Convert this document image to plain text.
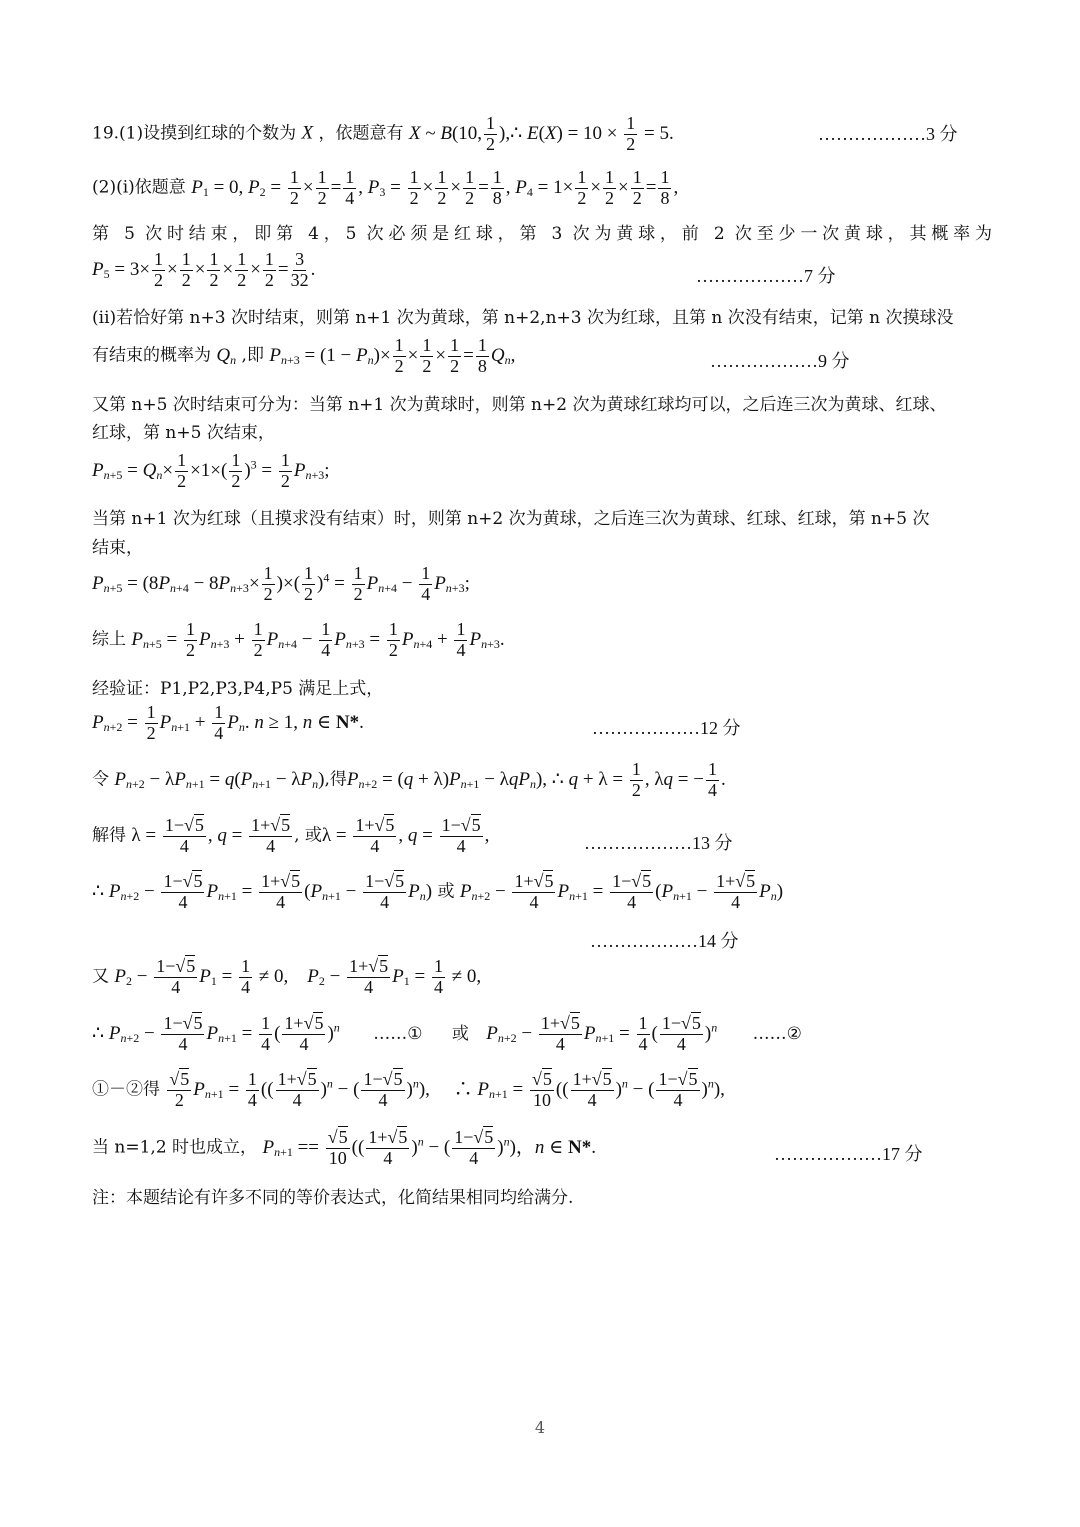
19.(1)设摸到红球的个数为 X ，依题意有 X ~ B(10, $\frac{1}{2}$ ),∴ $E(X) = 10 \times \frac{1}{2} = 5$.	………………3 分
(2)(i)依题意 $P_1 = 0$, $P_2 = \frac{1}{2} \times \frac{1}{2} = \frac{1}{4}$ , $P_3 = \frac{1}{2} \times \frac{1}{2} \times \frac{1}{2} = \frac{1}{8}$ , $P_4 = 1\times \frac{1}{2} \times \frac{1}{2} \times \frac{1}{2} = \frac{1}{8}$ ,
第 5 次时结束，即第 4，5 次必须是红球，第 3 次为黄球，前 2 次至少一次黄球，其概率为
$P_5 = 3\times \frac{1}{2} \times \frac{1}{2} \times \frac{1}{2} \times \frac{1}{2} \times \frac{1}{2} = \frac{3}{32}$ .	………………7 分
(ii)若恰好第 n+3 次时结束，则第 n+1 次为黄球，第 n+2,n+3 次为红球，且第 n 次没有结束，记第 n 次摸球没
有结束的概率为 $Q_n$ ,即 $P_{n+3} = (1 - P_n)\times \frac{1}{2} \times \frac{1}{2} \times \frac{1}{2} = \frac{1}{8} Q_n$,	………………9 分
又第 n+5 次时结束可分为：当第 n+1 次为黄球时，则第 n+2 次为黄球红球均可以，之后连三次为黄球、红球、
红球，第 n+5 次结束，
$P_{n+5} = Q_n\times \frac{1}{2} \times 1\times( \frac{1}{2} )^3 = \frac{1}{2} P_{n+3}$;
当第 n+1 次为红球（且摸求没有结束）时，则第 n+2 次为黄球，之后连三次为黄球、红球、红球，第 n+5 次
结束，
$P_{n+5} = (8P_{n+4} - 8P_{n+3}\times \frac{1}{2}$ )×( $\frac{1}{2} )^4 = \frac{1}{2} P_{n+4} - \frac{1}{4} P_{n+3}$;
综上 $P_{n+5} = \frac{1}{2} P_{n+3} + \frac{1}{2} P_{n+4} - \frac{1}{4} P_{n+3} = \frac{1}{2} P_{n+4} + \frac{1}{4} P_{n+3}$.
经验证：P1,P2,P3,P4,P5 满足上式，
$P_{n+2} = \frac{1}{2} P_{n+1} + \frac{1}{4} P_n$. n ≥ 1, n ∈ N*.	………………12 分
令 $P_{n+2} - \lambda P_{n+1} = q(P_{n+1} - \lambda P_n)$,得$P_{n+2} = (q + \lambda)P_{n+1} - \lambda qP_n$), ∴ $q + \lambda = \frac{1}{2}$ , λq = − $\frac{1}{4}$ .
解得 $\lambda = \frac{1-√5}{4}$ , $q = \frac{1+√5}{4}$ , 或$\lambda = \frac{1+√5}{4}$ , $q = \frac{1-√5}{4}$ ,	………………13 分
∴ $P_{n+2} - \frac{1-√5}{4} P_{n+1} = \frac{1+√5}{4} (P_{n+1} - \frac{1-√5}{4} P_n)$ 或 $P_{n+2} - \frac{1+√5}{4} P_{n+1} = \frac{1-√5}{4} (P_{n+1} - \frac{1+√5}{4} P_n)$
………………14 分
又 $P_2 - \frac{1-√5}{4} P_1 = \frac{1}{4} \ne 0$,　$P_2 - \frac{1+√5}{4} P_1 = \frac{1}{4} \ne 0$,
∴ $P_{n+2} - \frac{1-√5}{4} P_{n+1} = \frac{1}{4}$ ( $\frac{1+√5}{4} )^n$ ……① 或 $P_{n+2} - \frac{1+√5}{4} P_{n+1} = \frac{1}{4}$ ( $\frac{1-√5}{4} )^n$ ……②
①－②得 $\frac{√5}{2} P_{n+1} = \frac{1}{4}$ (( $\frac{1+√5}{4} )^n$ − ( $\frac{1-√5}{4} )^n$),　 ∴ $P_{n+1} = \frac{√5}{10}$ (( $\frac{1+√5}{4} )^n$ − ( $\frac{1-√5}{4} )^n$),
当 n=1,2 时也成立， $P_{n+1} == \frac{√5}{10}$ (( $\frac{1+√5}{4} )^n$ − ( $\frac{1-√5}{4} )^n$)，n ∈ N*.	………………17 分
注：本题结论有许多不同的等价表达式，化简结果相同均给满分.
4
